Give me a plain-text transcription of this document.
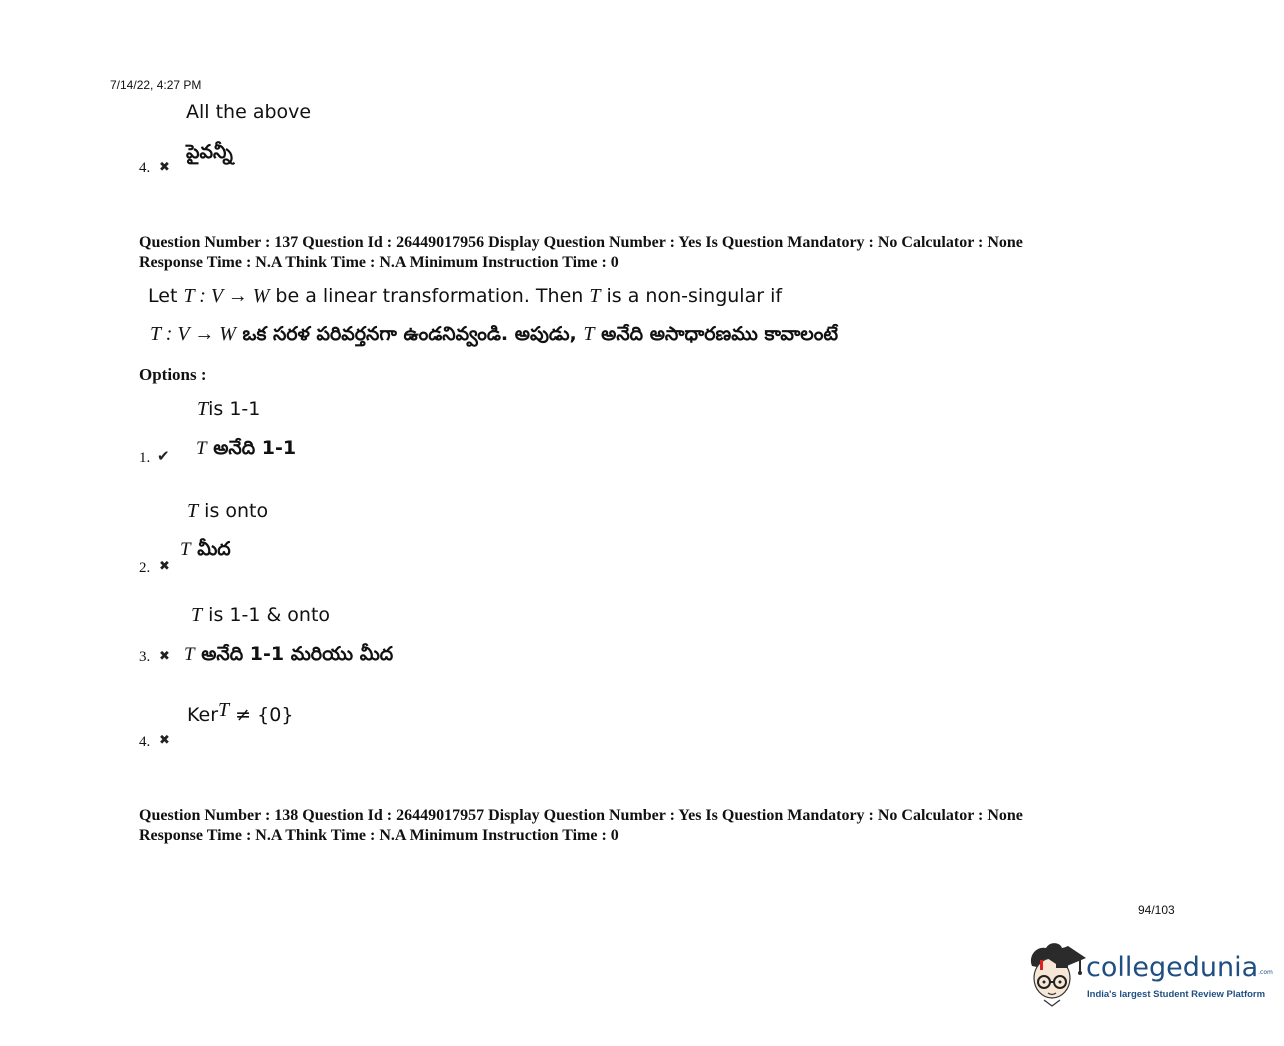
7/14/22, 4:27 PM
All the above
పైవన్నీ
4. ✖
Question Number : 137 Question Id : 26449017956 Display Question Number : Yes Is Question Mandatory : No Calculator : None
Response Time : N.A Think Time : N.A Minimum Instruction Time : 0
Let T : V → W be a linear transformation. Then T is a non-singular if
T : V → W ఒక సరళ పరివర్తనగా ఉండనివ్వండి. అపుడు, T అనేది అసాధారణము కావాలంటే
Options :
Tis 1-1
T అనేది 1-1
1. ✔
T is onto
T మీద
2. ✖
T is 1-1 & onto
T అనేది 1-1 మరియు మీద
3. ✖
KerT ≠ {0}
4. ✖
Question Number : 138 Question Id : 26449017957 Display Question Number : Yes Is Question Mandatory : No Calculator : None
Response Time : N.A Think Time : N.A Minimum Instruction Time : 0
94/103
collegedunia.com
India's largest Student Review Platform
